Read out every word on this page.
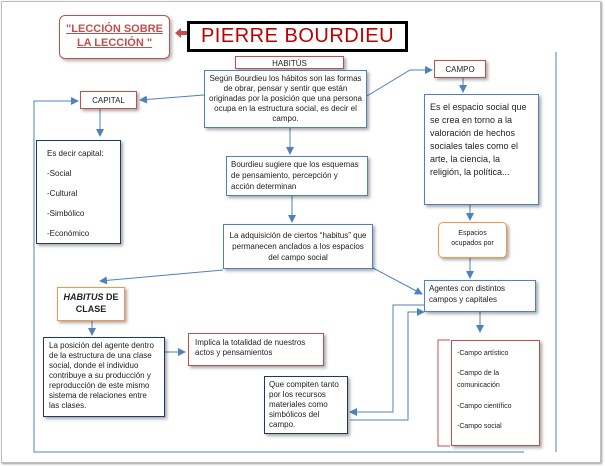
"LECCIÓN SOBRE
LA LECCIÓN "	PIERRE BOURDIEU
HABITÚS
Según Bourdieu los hábitos son las formas de obrar, pensar y sentir que están originadas por la posición que una persona ocupa en la estructura social, es decir el campo.
CAPITAL
CAMPO
Es el espacio social que se crea en torno a la valoración de hechos sociales tales como el arte, la ciencia, la religión, la política...
Es decir capital:
-Social
-Cultural
-Simbólico
-Económico
Bourdieu sugiere que los esquemas de pensamiento, percepción y acción determinan
La adquisición de ciertos “habitus” que permanecen anclados a los espacios del campo social
Espacios
ocupados por
Agentes con distintos campos y capitales
HABITUS DE
CLASE
La posición del agente dentro de la estructura de una clase social, donde el individuo contribuye a su producción y reproducción de este mismo sistema de relaciones entre las clases.
Implica la totalidad de nuestros actos y pensamientos
Que compiten tanto por los recursos materiales como simbólicos del campo.
-Campo artístico
-Campo de la
comunicación
-Campo científico
-Campo social
